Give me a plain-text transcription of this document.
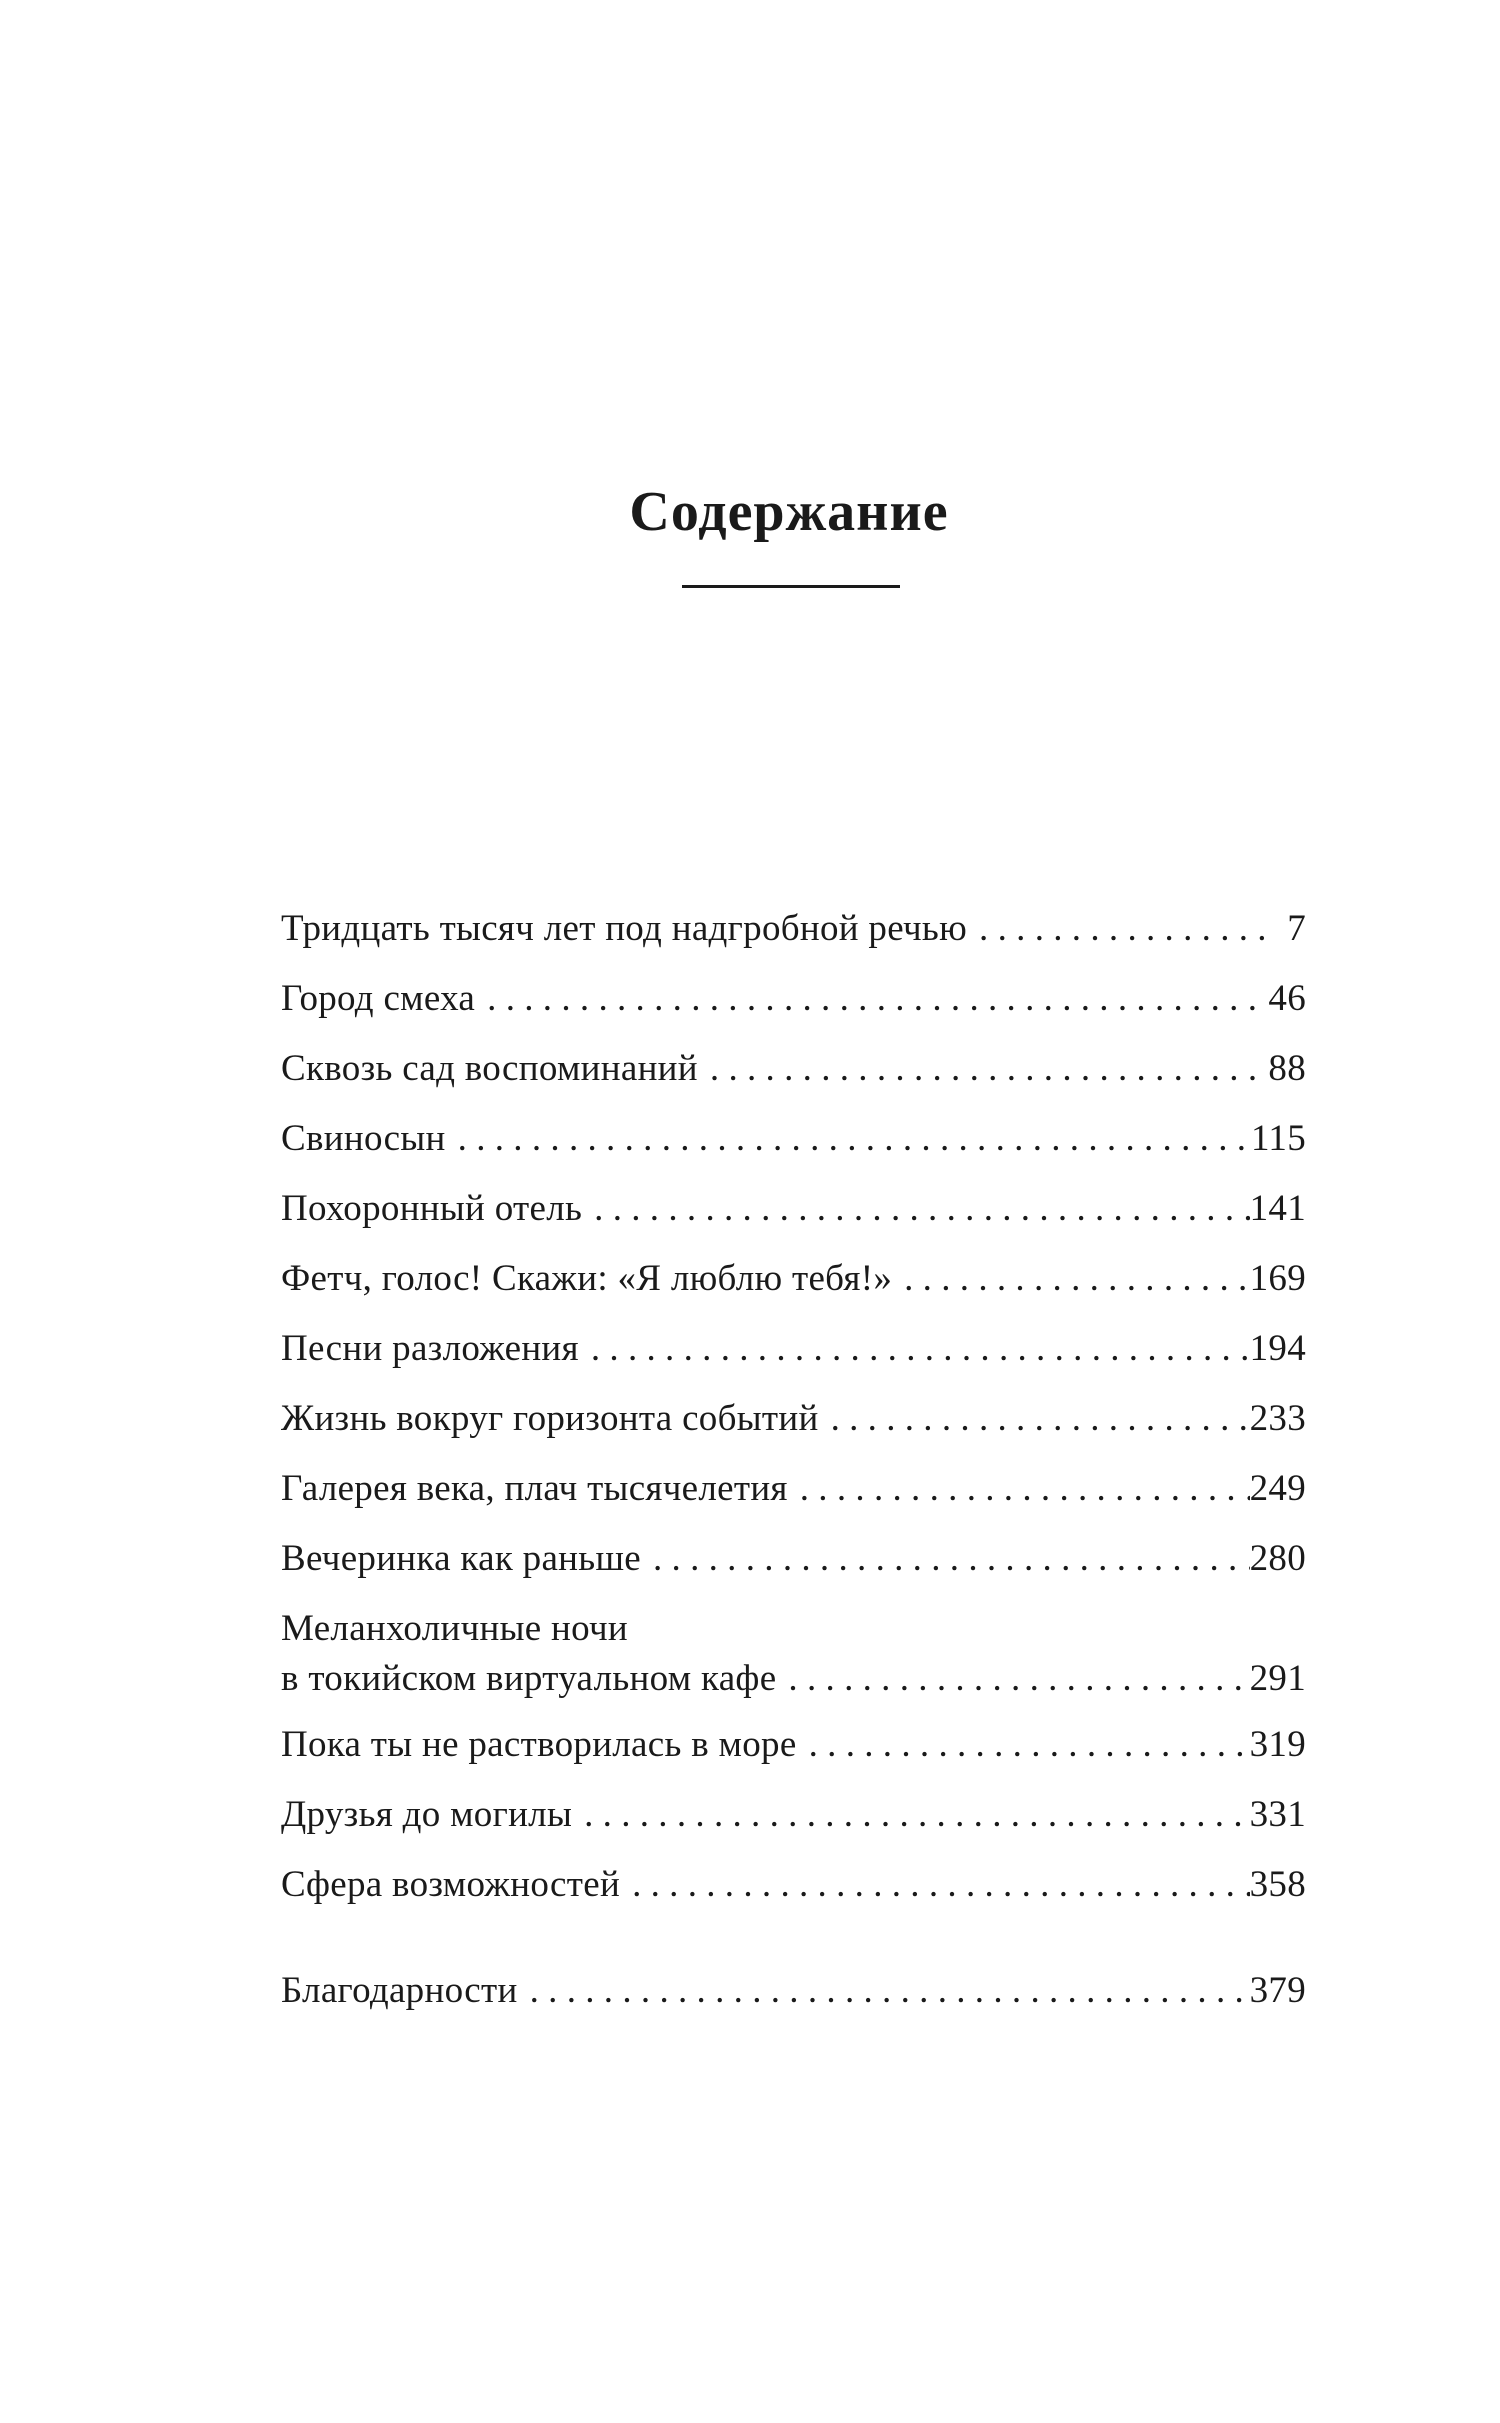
Содержание
Тридцать тысяч лет под надгробной речью .....	7
Город смеха .....	46
Сквозь сад воспоминаний .....	88
Свиносын .....	115
Похоронный отель .....	141
Фетч, голос! Скажи: «Я люблю тебя!» .....	169
Песни разложения .....	194
Жизнь вокруг горизонта событий .....	233
Галерея века, плач тысячелетия .....	249
Вечеринка как раньше .....	280
Меланхоличные ночи
в токийском виртуальном кафе .....	291
Пока ты не растворилась в море .....	319
Друзья до могилы .....	331
Сфера возможностей .....	358
Благодарности .....	379
